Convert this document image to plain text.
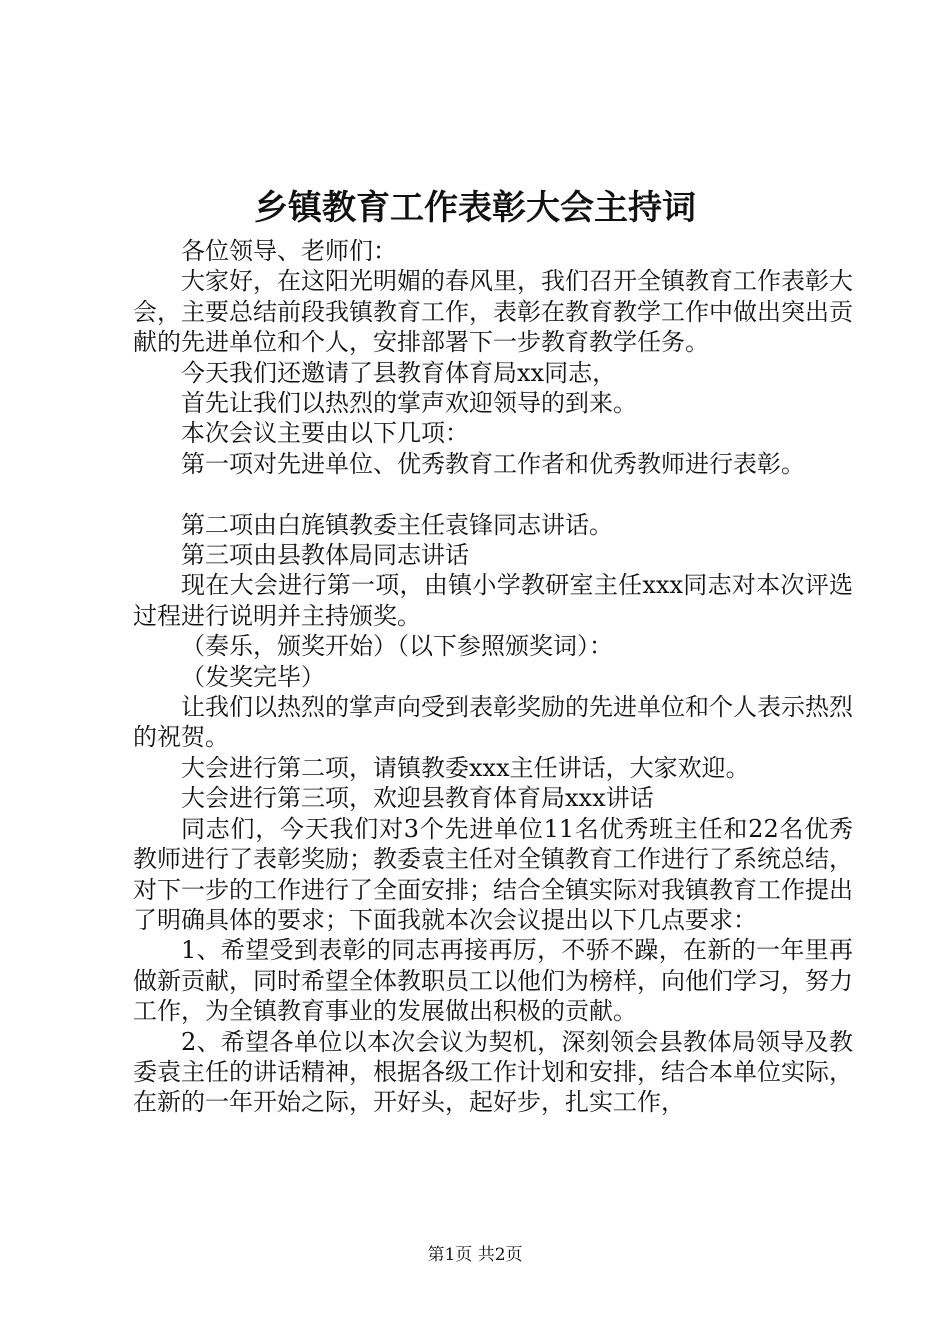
乡镇教育工作表彰大会主持词

各位领导、老师们：

大家好，在这阳光明媚的春风里，我们召开全镇教育工作表彰大会，主要总结前段我镇教育工作，表彰在教育教学工作中做出突出贡献的先进单位和个人，安排部署下一步教育教学任务。

今天我们还邀请了县教育体育局xx同志，

首先让我们以热烈的掌声欢迎领导的到来。

本次会议主要由以下几项：

第一项对先进单位、优秀教育工作者和优秀教师进行表彰。

第二项由白旄镇教委主任袁锋同志讲话。

第三项由县教体局同志讲话

现在大会进行第一项，由镇小学教研室主任xxx同志对本次评选过程进行说明并主持颁奖。

（奏乐，颁奖开始）（以下参照颁奖词）：

（发奖完毕）

让我们以热烈的掌声向受到表彰奖励的先进单位和个人表示热烈的祝贺。

大会进行第二项，请镇教委xxx主任讲话，大家欢迎。

大会进行第三项，欢迎县教育体育局xxx讲话

同志们，今天我们对3个先进单位11名优秀班主任和22名优秀教师进行了表彰奖励；教委袁主任对全镇教育工作进行了系统总结，对下一步的工作进行了全面安排；结合全镇实际对我镇教育工作提出了明确具体的要求；下面我就本次会议提出以下几点要求：

1、希望受到表彰的同志再接再厉，不骄不躁，在新的一年里再做新贡献，同时希望全体教职员工以他们为榜样，向他们学习，努力工作，为全镇教育事业的发展做出积极的贡献。

2、希望各单位以本次会议为契机，深刻领会县教体局领导及教委袁主任的讲话精神，根据各级工作计划和安排，结合本单位实际，在新的一年开始之际，开好头，起好步，扎实工作，

第1页 共2页
